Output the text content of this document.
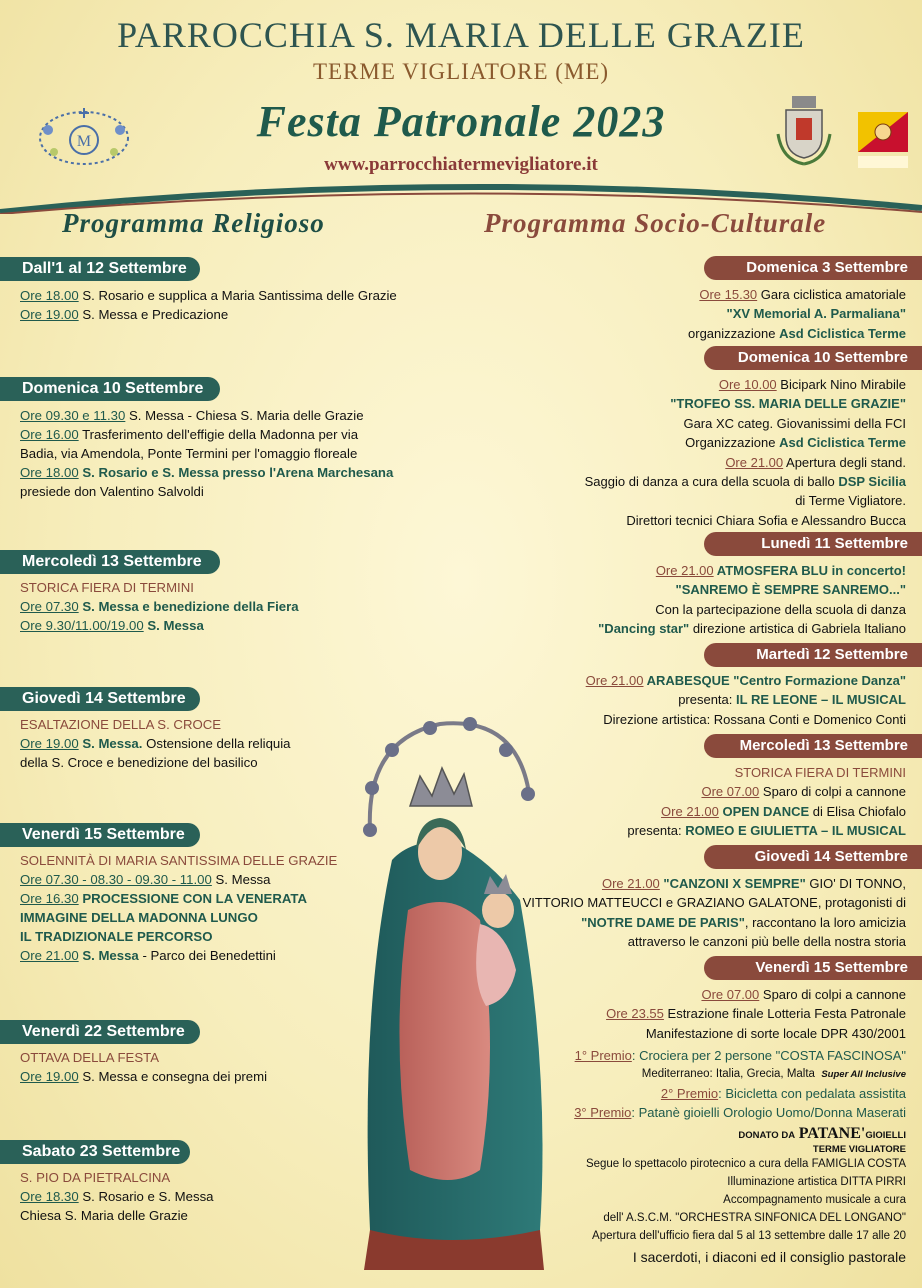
PARROCCHIA S. MARIA DELLE GRAZIE
TERME VIGLIATORE (ME)
Festa Patronale 2023
www.parrocchiatermevigliatore.it
M
Programma Religioso	Programma Socio-Culturale
Dall'1 al 12 Settembre
Ore 18.00 S. Rosario e supplica a Maria Santissima delle Grazie
Ore 19.00 S. Messa e Predicazione
Domenica 10 Settembre
Ore 09.30 e 11.30 S. Messa - Chiesa S. Maria delle Grazie
Ore 16.00 Trasferimento dell'effigie della Madonna per via
Badia, via Amendola, Ponte Termini per l'omaggio floreale
Ore 18.00 S. Rosario e S. Messa presso l'Arena Marchesana
presiede don Valentino Salvoldi
Mercoledì 13 Settembre
STORICA FIERA DI TERMINI
Ore 07.30 S. Messa e benedizione della Fiera
Ore 9.30/11.00/19.00 S. Messa
Giovedì 14 Settembre
ESALTAZIONE DELLA S. CROCE
Ore 19.00 S. Messa. Ostensione della reliquia
della S. Croce e benedizione del basilico
Venerdì 15 Settembre
SOLENNITÀ DI MARIA SANTISSIMA DELLE GRAZIE
Ore 07.30 - 08.30 - 09.30 - 11.00 S. Messa
Ore 16.30 PROCESSIONE CON LA VENERATA
IMMAGINE DELLA MADONNA LUNGO
IL TRADIZIONALE PERCORSO
Ore 21.00 S. Messa - Parco dei Benedettini
Venerdì 22 Settembre
OTTAVA DELLA FESTA
Ore 19.00 S. Messa e consegna dei premi
Sabato 23 Settembre
S. PIO DA PIETRALCINA
Ore 18.30 S. Rosario e S. Messa
Chiesa S. Maria delle Grazie
Domenica 3 Settembre
Ore 15.30 Gara ciclistica amatoriale
"XV Memorial A. Parmaliana"
organizzazione Asd Ciclistica Terme
Domenica 10 Settembre
Ore 10.00 Bicipark Nino Mirabile
"TROFEO SS. MARIA DELLE GRAZIE"
Gara XC categ. Giovanissimi della FCI
Organizzazione Asd Ciclistica Terme
Ore 21.00 Apertura degli stand.
Saggio di danza a cura della scuola di ballo DSP Sicilia
di Terme Vigliatore.
Direttori tecnici Chiara Sofia e Alessandro Bucca
Lunedì 11 Settembre
Ore 21.00 ATMOSFERA BLU in concerto!
"SANREMO È SEMPRE SANREMO..."
Con la partecipazione della scuola di danza
"Dancing star" direzione artistica di Gabriela Italiano
Martedì 12 Settembre
Ore 21.00 ARABESQUE "Centro Formazione Danza"
presenta: IL RE LEONE – IL MUSICAL
Direzione artistica: Rossana Conti e Domenico Conti
Mercoledì 13 Settembre
STORICA FIERA DI TERMINI
Ore 07.00 Sparo di colpi a cannone
Ore 21.00 OPEN DANCE di Elisa Chiofalo
presenta: ROMEO E GIULIETTA – IL MUSICAL
Giovedì 14 Settembre
Ore 21.00 "CANZONI X SEMPRE" GIO' DI TONNO,
VITTORIO MATTEUCCI e GRAZIANO GALATONE, protagonisti di
"NOTRE DAME DE PARIS", raccontano la loro amicizia
attraverso le canzoni più belle della nostra storia
Venerdì 15 Settembre
Ore 07.00 Sparo di colpi a cannone
Ore 23.55 Estrazione finale Lotteria Festa Patronale
Manifestazione di sorte locale DPR 430/2001
1° Premio: Crociera per 2 persone "COSTA FASCINOSA"
Mediterraneo: Italia, Grecia, Malta Super All Inclusive
2° Premio: Bicicletta con pedalata assistita
3° Premio: Patanè gioielli Orologio Uomo/Donna Maserati
DONATO DA PATANE'GIOIELLI
TERME VIGLIATORE
Segue lo spettacolo pirotecnico a cura della FAMIGLIA COSTA
Illuminazione artistica DITTA PIRRI
Accompagnamento musicale a cura
dell' A.S.C.M. "ORCHESTRA SINFONICA DEL LONGANO"
Apertura dell'ufficio fiera dal 5 al 13 settembre dalle 17 alle 20
I sacerdoti, i diaconi ed il consiglio pastorale
